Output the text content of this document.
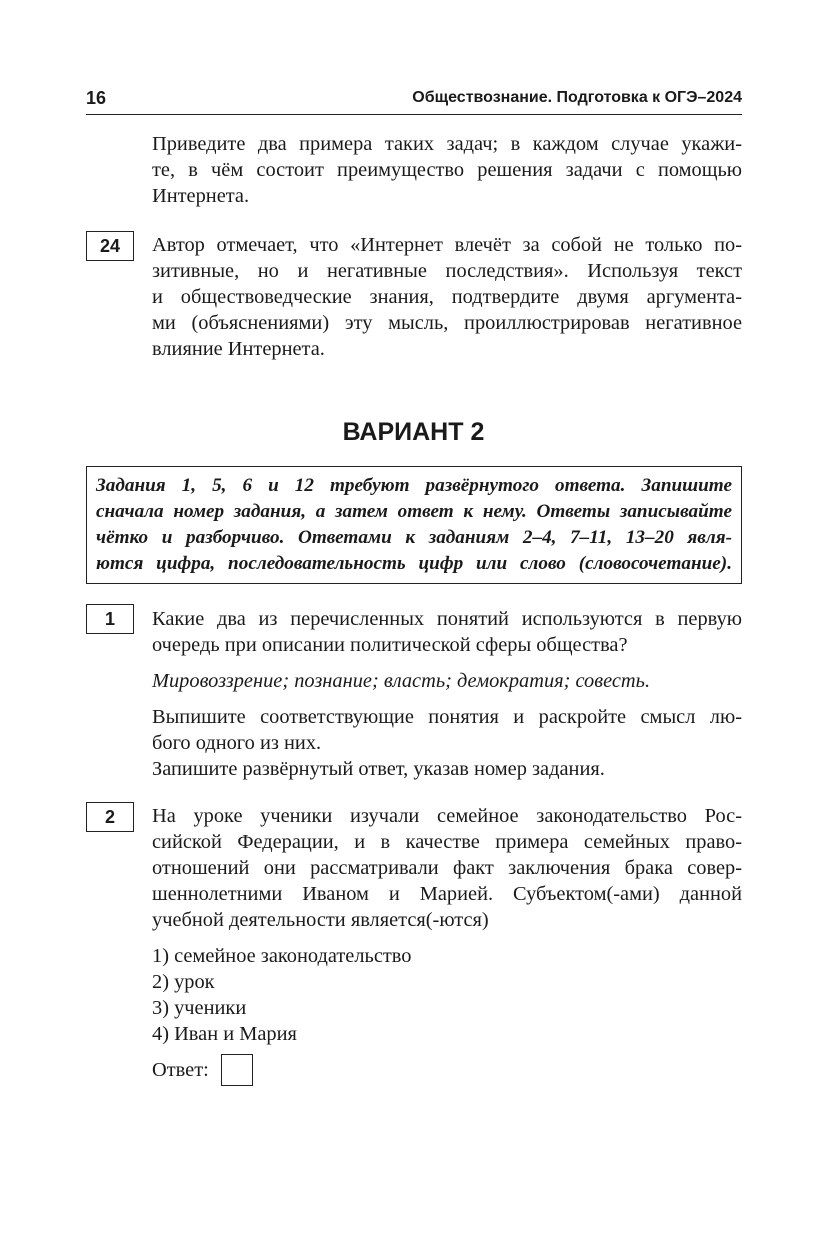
16	Обществознание. Подготовка к ОГЭ–2024
Приведите два примера таких задач; в каждом случае укажи-
те, в чём состоит преимущество решения задачи с помощью
Интернета.
24	Автор отмечает, что «Интернет влечёт за собой не только по-
зитивные, но и негативные последствия». Используя текст
и обществоведческие знания, подтвердите двумя аргумента-
ми (объяснениями) эту мысль, проиллюстрировав негативное
влияние Интернета.
ВАРИАНТ 2
Задания 1, 5, 6 и 12 требуют развёрнутого ответа. Запишите
сначала номер задания, а затем ответ к нему. Ответы записывайте
чётко и разборчиво. Ответами к заданиям 2–4, 7–11, 13–20 явля-
ются цифра, последовательность цифр или слово (словосочетание).
1	Какие два из перечисленных понятий используются в первую
очередь при описании политической сферы общества?
Мировоззрение; познание; власть; демократия; совесть.
Выпишите соответствующие понятия и раскройте смысл лю-
бого одного из них.
Запишите развёрнутый ответ, указав номер задания.
2	На уроке ученики изучали семейное законодательство Рос-
сийской Федерации, и в качестве примера семейных право-
отношений они рассматривали факт заключения брака совер-
шеннолетними Иваном и Марией. Субъектом(-ами) данной
учебной деятельности является(-ются)
1) семейное законодательство
2) урок
3) ученики
4) Иван и Мария
Ответ:
